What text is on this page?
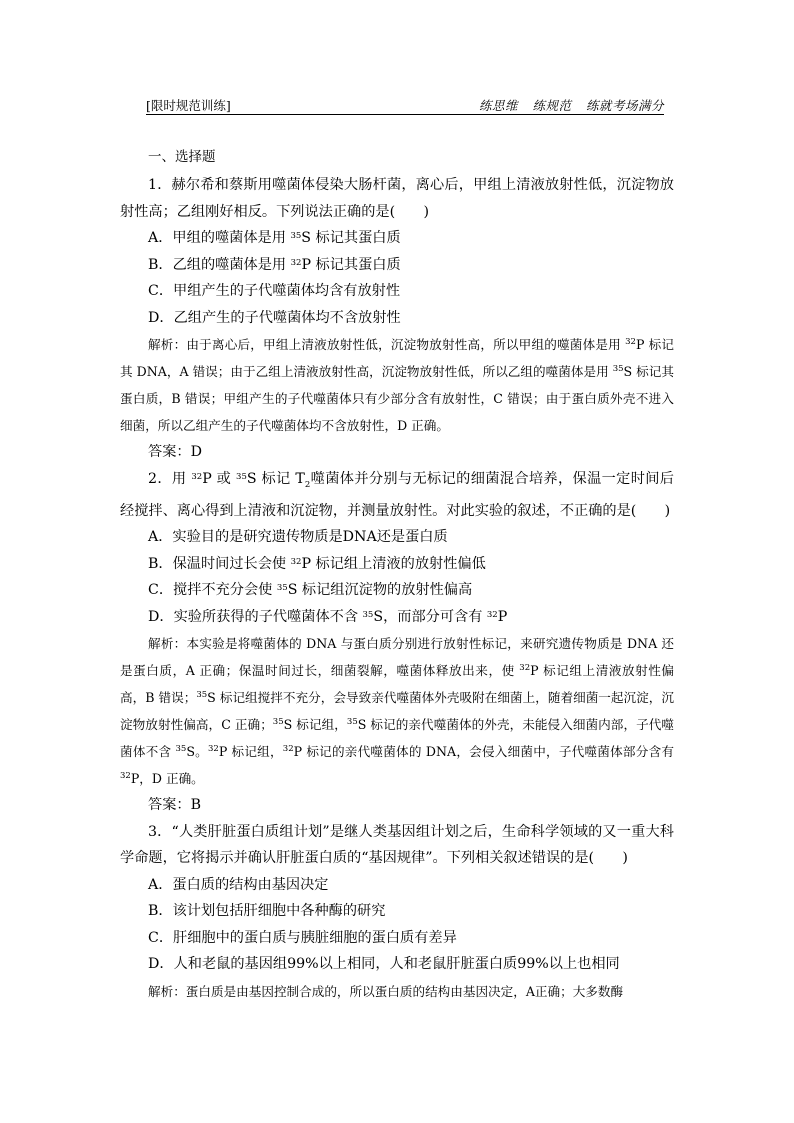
[限时规范训练]	练思维 练规范 练就考场满分

一、选择题

1．赫尔希和蔡斯用噬菌体侵染大肠杆菌，离心后，甲组上清液放射性低，沉淀物放射性高；乙组刚好相反。下列说法正确的是(　　)

A．甲组的噬菌体是用 $^{35}$S 标记其蛋白质

B．乙组的噬菌体是用 $^{32}$P 标记其蛋白质

C．甲组产生的子代噬菌体均含有放射性

D．乙组产生的子代噬菌体均不含放射性

解析：由于离心后，甲组上清液放射性低，沉淀物放射性高，所以甲组的噬菌体是用 $^{32}$P 标记其 DNA，A 错误；由于乙组上清液放射性高，沉淀物放射性低，所以乙组的噬菌体是用 $^{35}$S 标记其蛋白质，B 错误；甲组产生的子代噬菌体只有少部分含有放射性，C 错误；由于蛋白质外壳不进入细菌，所以乙组产生的子代噬菌体均不含放射性，D 正确。

答案：D

2．用 $^{32}$P 或 $^{35}$S 标记 $T_2$噬菌体并分别与无标记的细菌混合培养，保温一定时间后经搅拌、离心得到上清液和沉淀物，并测量放射性。对此实验的叙述，不正确的是(　　)

A．实验目的是研究遗传物质是DNA还是蛋白质

B．保温时间过长会使 $^{32}$P 标记组上清液的放射性偏低

C．搅拌不充分会使 $^{35}$S 标记组沉淀物的放射性偏高

D．实验所获得的子代噬菌体不含 $^{35}$S，而部分可含有 $^{32}$P

解析：本实验是将噬菌体的 DNA 与蛋白质分别进行放射性标记，来研究遗传物质是 DNA 还是蛋白质，A 正确；保温时间过长，细菌裂解，噬菌体释放出来，使 $^{32}$P 标记组上清液放射性偏高，B 错误；$^{35}$S 标记组搅拌不充分，会导致亲代噬菌体外壳吸附在细菌上，随着细菌一起沉淀，沉淀物放射性偏高，C 正确；$^{35}$S 标记组，$^{35}$S 标记的亲代噬菌体的外壳，未能侵入细菌内部，子代噬菌体不含 $^{35}$S。$^{32}$P 标记组，$^{32}$P 标记的亲代噬菌体的 DNA，会侵入细菌中，子代噬菌体部分含有 $^{32}$P，D 正确。

答案：B

3．“人类肝脏蛋白质组计划”是继人类基因组计划之后，生命科学领域的又一重大科学命题，它将揭示并确认肝脏蛋白质的“基因规律”。下列相关叙述错误的是(　　)

A．蛋白质的结构由基因决定

B．该计划包括肝细胞中各种酶的研究

C．肝细胞中的蛋白质与胰脏细胞的蛋白质有差异

D．人和老鼠的基因组99%以上相同，人和老鼠肝脏蛋白质99%以上也相同

解析：蛋白质是由基因控制合成的，所以蛋白质的结构由基因决定，A正确；大多数酶
